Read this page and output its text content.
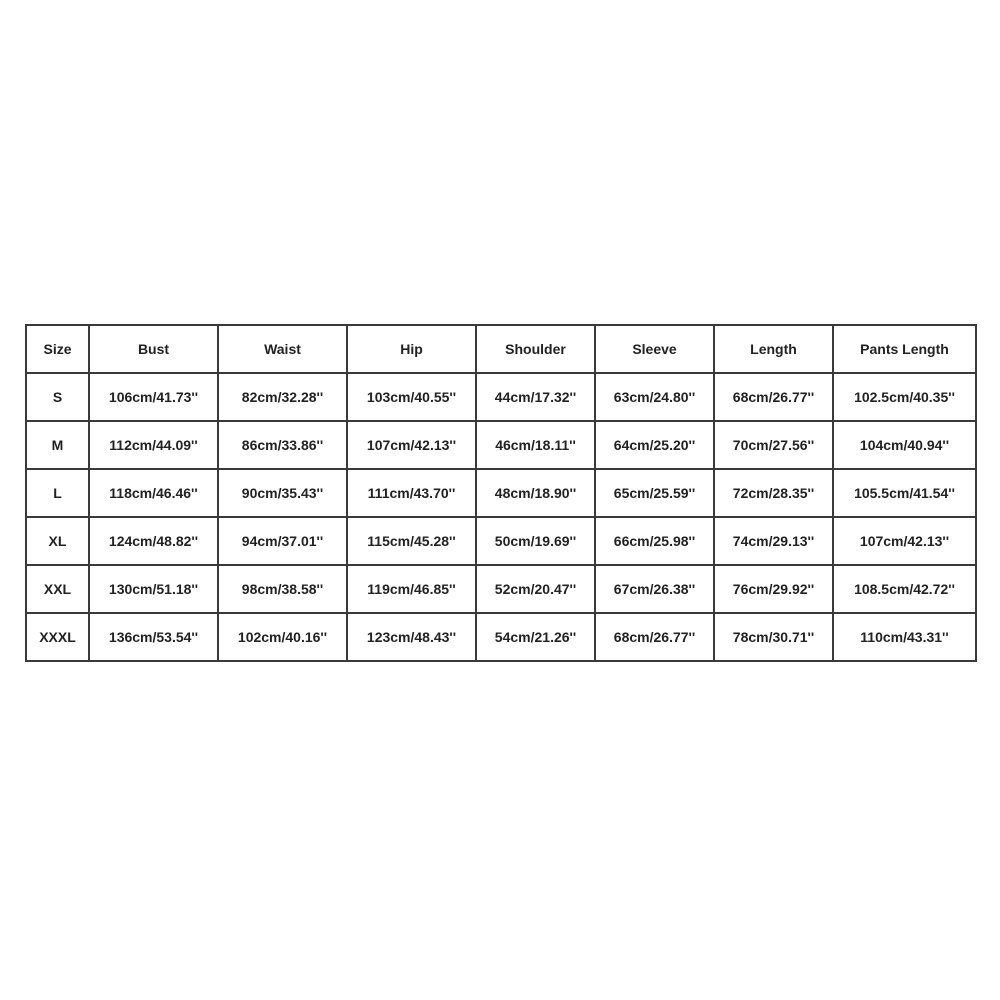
Size	Bust	Waist	Hip	Shoulder	Sleeve	Length	Pants Length
S	106cm/41.73''	82cm/32.28''	103cm/40.55''	44cm/17.32''	63cm/24.80''	68cm/26.77''	102.5cm/40.35''
M	112cm/44.09''	86cm/33.86''	107cm/42.13''	46cm/18.11''	64cm/25.20''	70cm/27.56''	104cm/40.94''
L	118cm/46.46''	90cm/35.43''	111cm/43.70''	48cm/18.90''	65cm/25.59''	72cm/28.35''	105.5cm/41.54''
XL	124cm/48.82''	94cm/37.01''	115cm/45.28''	50cm/19.69''	66cm/25.98''	74cm/29.13''	107cm/42.13''
XXL	130cm/51.18''	98cm/38.58''	119cm/46.85''	52cm/20.47''	67cm/26.38''	76cm/29.92''	108.5cm/42.72''
XXXL	136cm/53.54''	102cm/40.16''	123cm/48.43''	54cm/21.26''	68cm/26.77''	78cm/30.71''	110cm/43.31''
